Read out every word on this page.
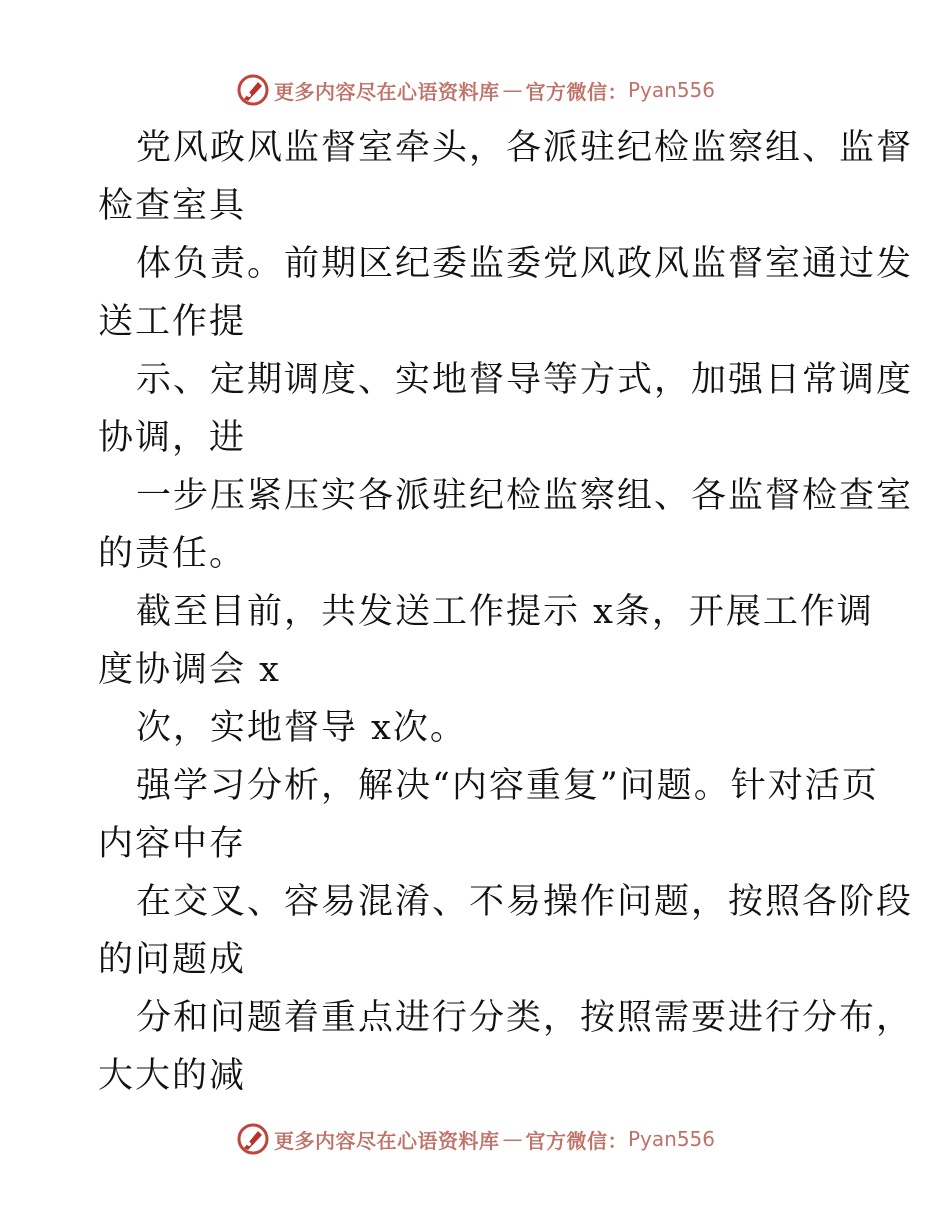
更多内容尽在心语资料库 — 官方微信： Pyan556
党风政风监督室牵头，各派驻纪检监察组、监督
检查室具
体负责。前期区纪委监委党风政风监督室通过发
送工作提
示、定期调度、实地督导等方式，加强日常调度
协调，进
一步压紧压实各派驻纪检监察组、各监督检查室
的责任。
截至目前，共发送工作提示 x条，开展工作调
度协调会 x
次，实地督导 x次。
强学习分析，解决“内容重复”问题。针对活页
内容中存
在交叉、容易混淆、不易操作问题，按照各阶段
的问题成
分和问题着重点进行分类，按照需要进行分布，
大大的减
更多内容尽在心语资料库 — 官方微信： Pyan556
